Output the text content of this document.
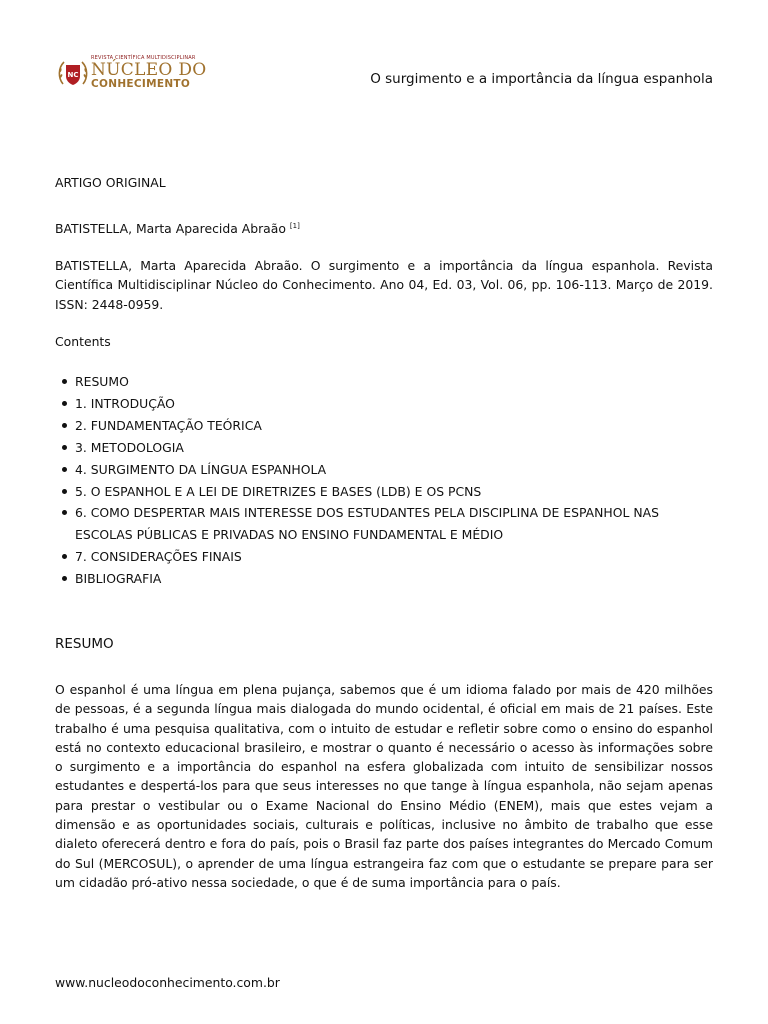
NC
REVISTA CIENTÍFICA MULTIDISCIPLINAR
NÚCLEO DO
CONHECIMENTO	O surgimento e a importância da língua espanhola

ARTIGO ORIGINAL

BATISTELLA, Marta Aparecida Abraão [1]

BATISTELLA, Marta Aparecida Abraão. O surgimento e a importância da língua espanhola. Revista Científica Multidisciplinar Núcleo do Conhecimento. Ano 04, Ed. 03, Vol. 06, pp. 106-113. Março de 2019. ISSN: 2448-0959.

Contents

RESUMO
1. INTRODUÇÃO
2. FUNDAMENTAÇÃO TEÓRICA
3. METODOLOGIA
4. SURGIMENTO DA LÍNGUA ESPANHOLA
5. O ESPANHOL E A LEI DE DIRETRIZES E BASES (LDB) E OS PCNS
6. COMO DESPERTAR MAIS INTERESSE DOS ESTUDANTES PELA DISCIPLINA DE ESPANHOL NAS ESCOLAS PÚBLICAS E PRIVADAS NO ENSINO FUNDAMENTAL E MÉDIO
7. CONSIDERAÇÕES FINAIS
BIBLIOGRAFIA

RESUMO

O espanhol é uma língua em plena pujança, sabemos que é um idioma falado por mais de 420 milhões de pessoas, é a segunda língua mais dialogada do mundo ocidental, é oficial em mais de 21 países. Este trabalho é uma pesquisa qualitativa, com o intuito de estudar e refletir sobre como o ensino do espanhol está no contexto educacional brasileiro, e mostrar o quanto é necessário o acesso às informações sobre o surgimento e a importância do espanhol na esfera globalizada com intuito de sensibilizar nossos estudantes e despertá-los para que seus interesses no que tange à língua espanhola, não sejam apenas para prestar o vestibular ou o Exame Nacional do Ensino Médio (ENEM), mais que estes vejam a dimensão e as oportunidades sociais, culturais e políticas, inclusive no âmbito de trabalho que esse dialeto oferecerá dentro e fora do país, pois o Brasil faz parte dos países integrantes do Mercado Comum do Sul (MERCOSUL), o aprender de uma língua estrangeira faz com que o estudante se prepare para ser um cidadão pró-ativo nessa sociedade, o que é de suma importância para o país.

www.nucleodoconhecimento.com.br
